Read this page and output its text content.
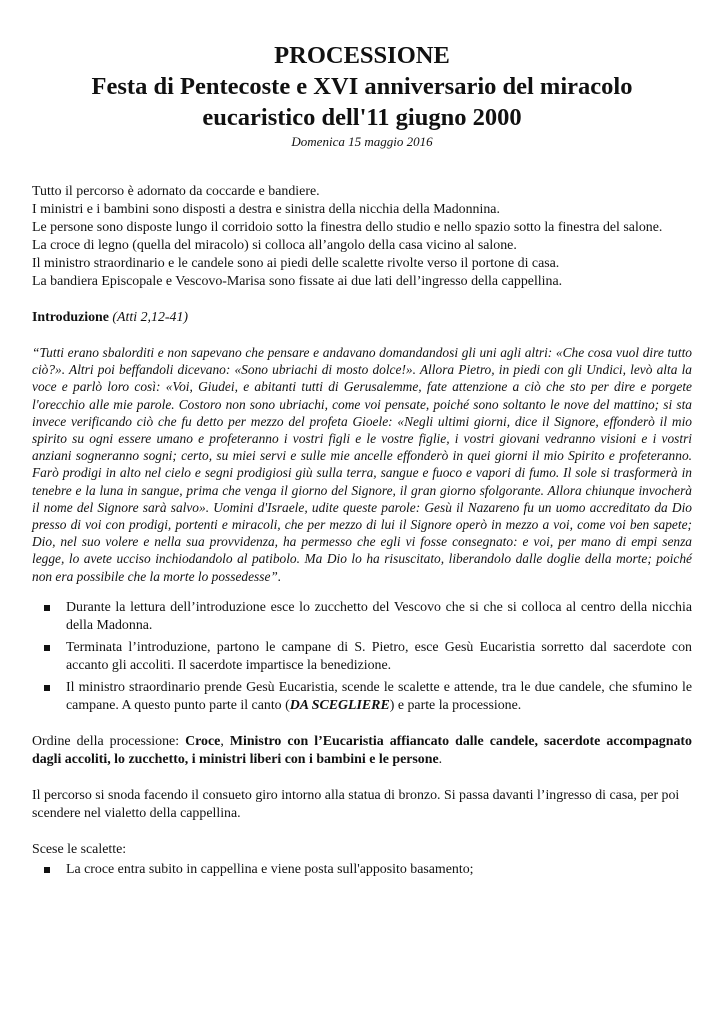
PROCESSIONE
Festa di Pentecoste e XVI anniversario del miracolo
eucaristico dell'11 giugno 2000
Domenica 15 maggio 2016

Tutto il percorso è adornato da coccarde e bandiere.

I ministri e i bambini sono disposti a destra e sinistra della nicchia della Madonnina.

Le persone sono disposte lungo il corridoio sotto la finestra dello studio e nello spazio sotto la finestra del salone.

La croce di legno (quella del miracolo) si colloca all’angolo della casa vicino al salone.

Il ministro straordinario e le candele sono ai piedi delle scalette rivolte verso il portone di casa.

La bandiera Episcopale e Vescovo-Marisa sono fissate ai due lati dell’ingresso della cappellina.

Introduzione (Atti 2,12-41)

“Tutti erano sbalorditi e non sapevano che pensare e andavano domandandosi gli uni agli altri: «Che cosa vuol dire tutto ciò?». Altri poi beffandoli dicevano: «Sono ubriachi di mosto dolce!». Allora Pietro, in piedi con gli Undici, levò alta la voce e parlò loro così: «Voi, Giudei, e abitanti tutti di Gerusalemme, fate attenzione a ciò che sto per dire e porgete l'orecchio alle mie parole. Costoro non sono ubriachi, come voi pensate, poiché sono soltanto le nove del mattino; si sta invece verificando ciò che fu detto per mezzo del profeta Gioele: «Negli ultimi giorni, dice il Signore, effonderò il mio spirito su ogni essere umano e profeteranno i vostri figli e le vostre figlie, i vostri giovani vedranno visioni e i vostri anziani sogneranno sogni; certo, su miei servi e sulle mie ancelle effonderò in quei giorni il mio Spirito e profeteranno. Farò prodigi in alto nel cielo e segni prodigiosi giù sulla terra, sangue e fuoco e vapori di fumo. Il sole si trasformerà in tenebre e la luna in sangue, prima che venga il giorno del Signore, il gran giorno sfolgorante. Allora chiunque invocherà il nome del Signore sarà salvo». Uomini d'Israele, udite queste parole: Gesù il Nazareno fu un uomo accreditato da Dio presso di voi con prodigi, portenti e miracoli, che per mezzo di lui il Signore operò in mezzo a voi, come voi ben sapete; Dio, nel suo volere e nella sua provvidenza, ha permesso che egli vi fosse consegnato: e voi, per mano di empi senza legge, lo avete ucciso inchiodandolo al patibolo. Ma Dio lo ha risuscitato, liberandolo dalle doglie della morte; poiché non era possibile che la morte lo possedesse”.

Durante la lettura dell’introduzione esce lo zucchetto del Vescovo che si che si colloca al centro della nicchia della Madonna.
Terminata l’introduzione, partono le campane di S. Pietro, esce Gesù Eucaristia sorretto dal sacerdote con accanto gli accoliti. Il sacerdote impartisce la benedizione.
Il ministro straordinario prende Gesù Eucaristia, scende le scalette e attende, tra le due candele, che sfumino le campane. A questo punto parte il canto (DA SCEGLIERE) e parte la processione.

Ordine della processione: Croce, Ministro con l’Eucaristia affiancato dalle candele, sacerdote accompagnato dagli accoliti, lo zucchetto, i ministri liberi con i bambini e le persone.

Il percorso si snoda facendo il consueto giro intorno alla statua di bronzo. Si passa davanti l’ingresso di casa, per poi scendere nel vialetto della cappellina.

Scese le scalette:

La croce entra subito in cappellina e viene posta sull'apposito basamento;
